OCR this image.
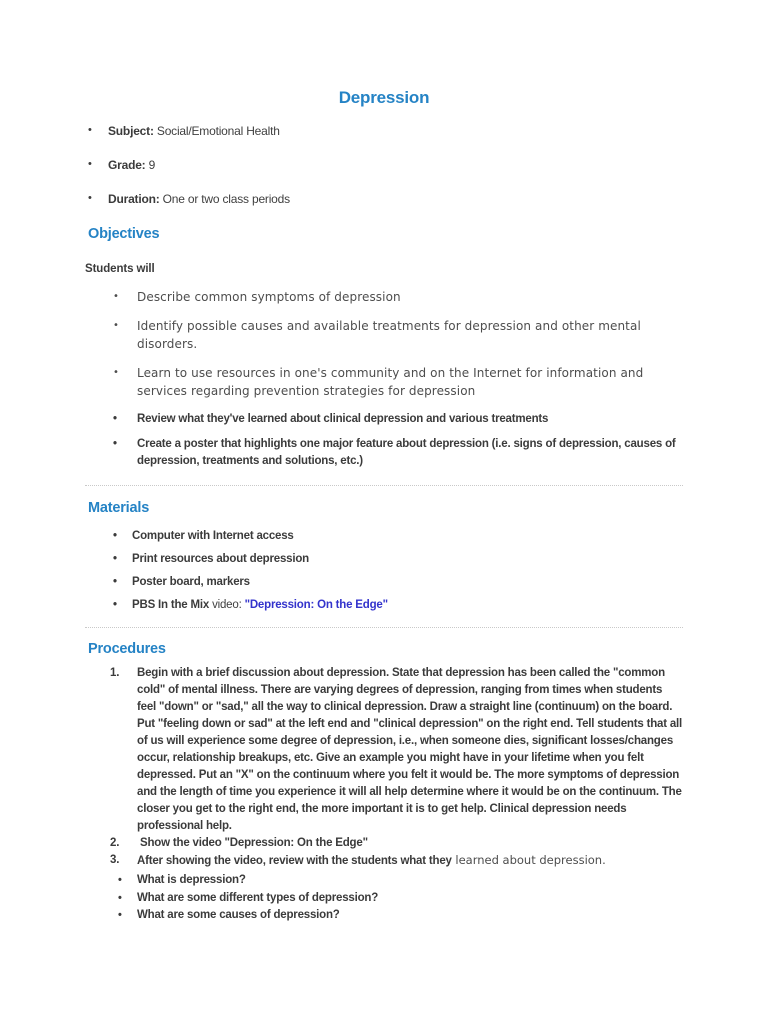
Depression
• Subject: Social/Emotional Health
• Grade: 9
• Duration: One or two class periods
Objectives
Students will
• Describe common symptoms of depression
• Identify possible causes and available treatments for depression and other mental disorders.
• Learn to use resources in one's community and on the Internet for information and services regarding prevention strategies for depression
• Review what they've learned about clinical depression and various treatments
• Create a poster that highlights one major feature about depression (i.e. signs of depression, causes of depression, treatments and solutions, etc.)
Materials
• Computer with Internet access
• Print resources about depression
• Poster board, markers
• PBS In the Mix video: "Depression: On the Edge"
Procedures
1. Begin with a brief discussion about depression. State that depression has been called the "common cold" of mental illness. There are varying degrees of depression, ranging from times when students feel "down" or "sad," all the way to clinical depression. Draw a straight line (continuum) on the board. Put "feeling down or sad" at the left end and "clinical depression" on the right end. Tell students that all of us will experience some degree of depression, i.e., when someone dies, significant losses/changes occur, relationship breakups, etc. Give an example you might have in your lifetime when you felt depressed. Put an "X" on the continuum where you felt it would be. The more symptoms of depression and the length of time you experience it will all help determine where it would be on the continuum. The closer you get to the right end, the more important it is to get help. Clinical depression needs professional help.
2. Show the video "Depression: On the Edge"
3. After showing the video, review with the students what they learned about depression.
• What is depression?
• What are some different types of depression?
• What are some causes of depression?
